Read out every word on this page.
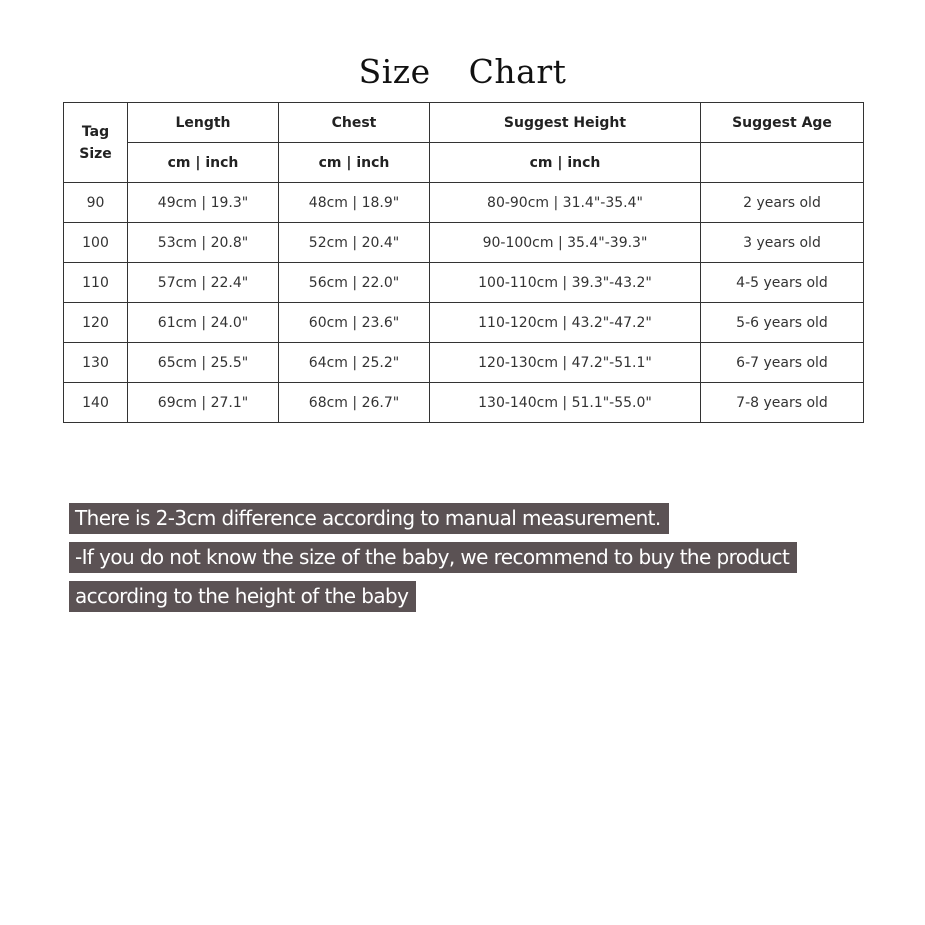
Size  Chart
Tag
Size	Length	Chest	Suggest Height	Suggest Age
	cm | inch	cm | inch	cm | inch	
90	49cm | 19.3"	48cm | 18.9"	80-90cm | 31.4"-35.4"	2 years old
100	53cm | 20.8"	52cm | 20.4"	90-100cm | 35.4"-39.3"	3 years old
110	57cm | 22.4"	56cm | 22.0"	100-110cm | 39.3"-43.2"	4-5 years old
120	61cm | 24.0"	60cm | 23.6"	110-120cm | 43.2"-47.2"	5-6 years old
130	65cm | 25.5"	64cm | 25.2"	120-130cm | 47.2"-51.1"	6-7 years old
140	69cm | 27.1"	68cm | 26.7"	130-140cm | 51.1"-55.0"	7-8 years old
There is 2-3cm difference according to manual measurement.
-If you do not know the size of the baby, we recommend to buy the product
according to the height of the baby
